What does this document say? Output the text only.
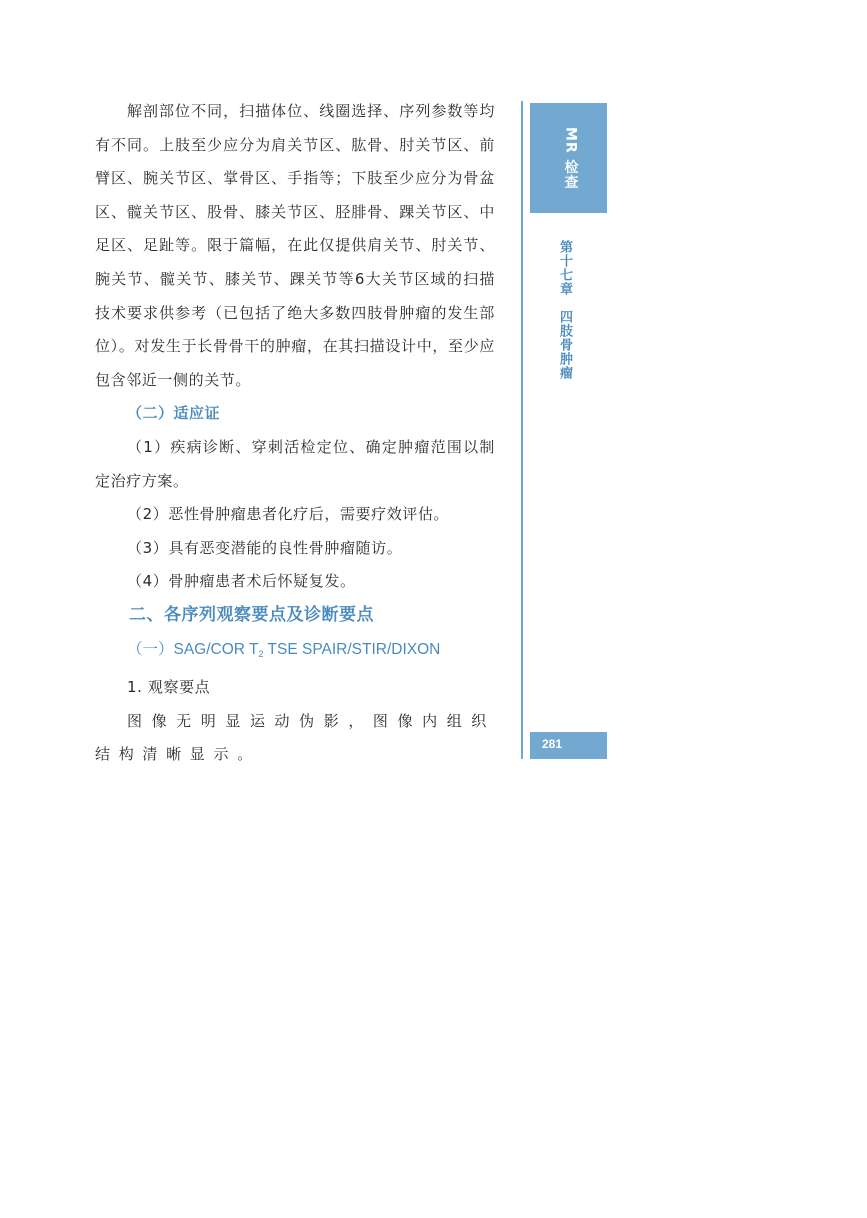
解剖部位不同，扫描体位、线圈选择、序列参数等均有不同。上肢至少应分为肩关节区、肱骨、肘关节区、前臂区、腕关节区、掌骨区、手指等；下肢至少应分为骨盆区、髋关节区、股骨、膝关节区、胫腓骨、踝关节区、中足区、足趾等。限于篇幅，在此仅提供肩关节、肘关节、腕关节、髋关节、膝关节、踝关节等6大关节区域的扫描技术要求供参考（已包括了绝大多数四肢骨肿瘤的发生部位）。对发生于长骨骨干的肿瘤，在其扫描设计中，至少应包含邻近一侧的关节。

（二）适应证

（1）疾病诊断、穿刺活检定位、确定肿瘤范围以制定治疗方案。

（2）恶性骨肿瘤患者化疗后，需要疗效评估。

（3）具有恶变潜能的良性骨肿瘤随访。

（4）骨肿瘤患者术后怀疑复发。

二、各序列观察要点及诊断要点

（一）SAG/COR $T_2$ TSE SPAIR/STIR/DIXON

1. 观察要点

图像无明显运动伪影，图像内组织结构清晰显示。

MR 检查
第十七章　四肢骨肿瘤
281
